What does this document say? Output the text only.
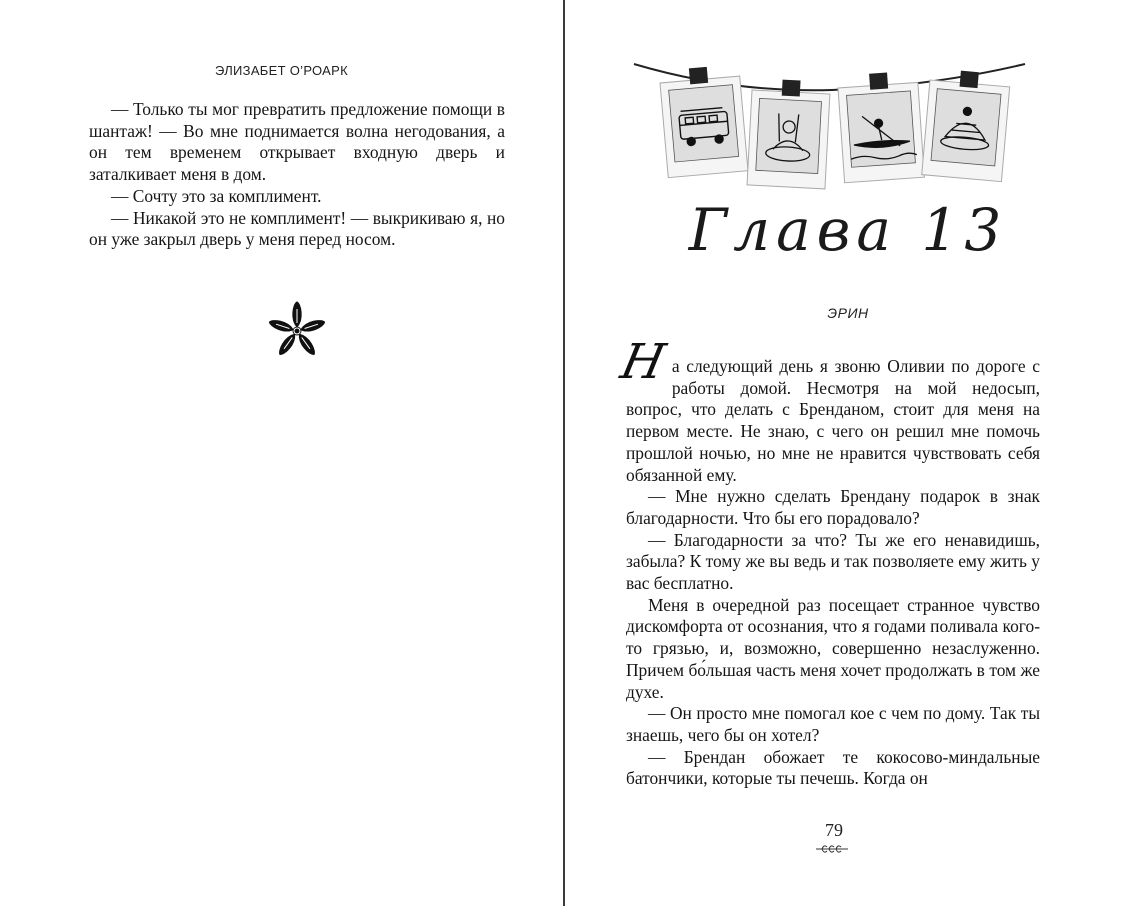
ЭЛИЗАБЕТ О’РОАРК

— Только ты мог превратить предложение помощи в шантаж! — Во мне поднимается волна негодования, а он тем временем открывает входную дверь и заталкивает меня в дом.

— Сочту это за комплимент.

— Никакой это не комплимент! — выкрикиваю я, но он уже закрыл дверь у меня перед носом.	Глава 13
ЭРИН

На следующий день я звоню Оливии по дороге с работы домой. Несмотря на мой недосып, вопрос, что делать с Бренданом, стоит для меня на первом месте. Не знаю, с чего он решил мне помочь прошлой ночью, но мне не нравится чувствовать себя обязанной ему.

— Мне нужно сделать Брендану подарок в знак благодарности. Что бы его порадовало?

— Благодарности за что? Ты же его ненавидишь, забыла? К тому же вы ведь и так позволяете ему жить у вас бесплатно.

Меня в очередной раз посещает странное чувство дискомфорта от осознания, что я годами поливала кого-то грязью, и, возможно, совершенно незаслуженно. Причем бо́льшая часть меня хочет продолжать в том же духе.

— Он просто мне помогал кое с чем по дому. Так ты знаешь, чего бы он хотел?

— Брендан обожает те кокосово-миндальные батончики, которые ты печешь. Когда он

79
